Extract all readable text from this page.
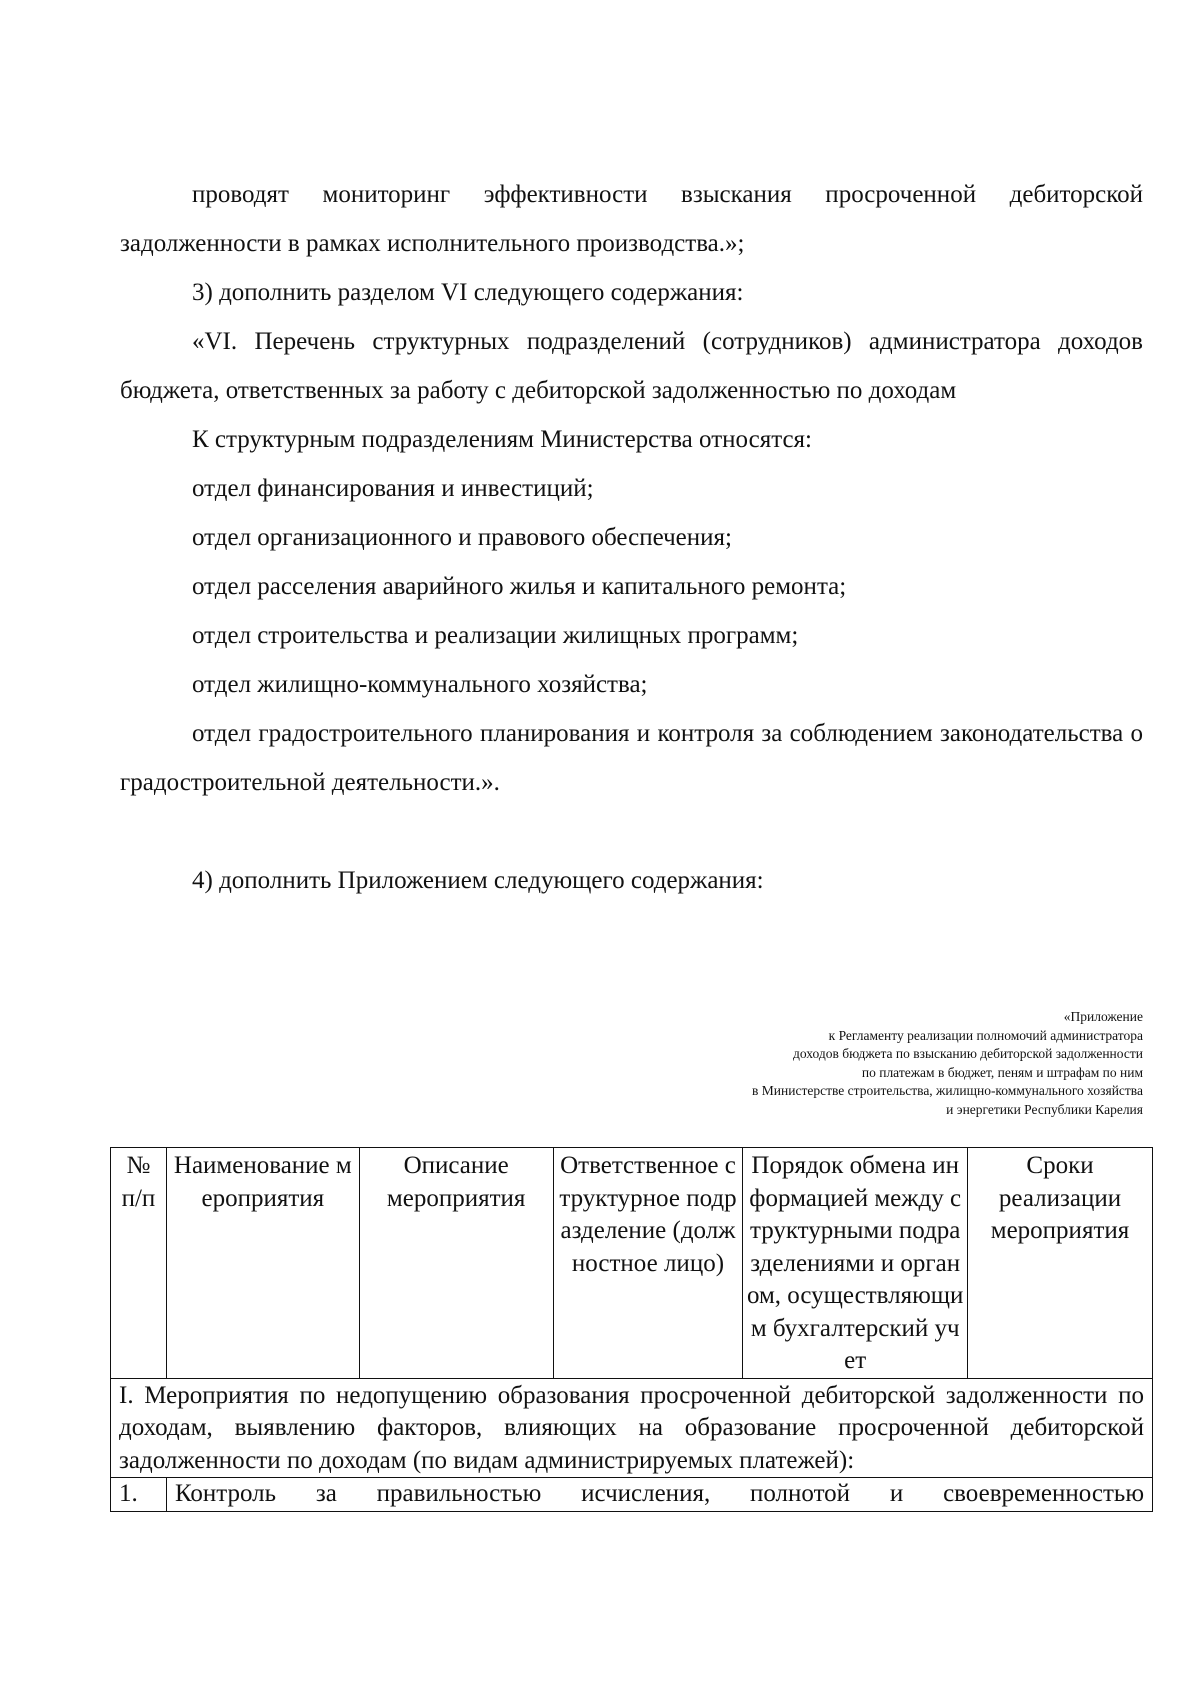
проводят мониторинг эффективности взыскания просроченной дебиторской задолженности в рамках исполнительного производства.»;

3) дополнить разделом VI следующего содержания:

«VI. Перечень структурных подразделений (сотрудников) администратора доходов бюджета, ответственных за работу с дебиторской задолженностью по доходам

К структурным подразделениям Министерства относятся:

отдел финансирования и инвестиций;

отдел организационного и правового обеспечения;

отдел расселения аварийного жилья и капитального ремонта;

отдел строительства и реализации жилищных программ;

отдел жилищно-коммунального хозяйства;

отдел градостроительного планирования и контроля за соблюдением законодательства о градостроительной деятельности.».

4) дополнить Приложением следующего содержания:

«Приложение
к Регламенту реализации полномочий администратора
доходов бюджета по взысканию дебиторской задолженности
по платежам в бюджет, пеням и штрафам по ним
в Министерстве строительства, жилищно-коммунального хозяйства
и энергетики Республики Карелия
№ п/п	Наименование мероприятия	Описание мероприятия	Ответственное структурное подразделение (должностное лицо)	Порядок обмена информацией между структурными подразделениями и органом, осуществляющим бухгалтерский учет	Сроки реализации мероприятия
I. Мероприятия по недопущению образования просроченной дебиторской задолженности по доходам, выявлению факторов, влияющих на образование просроченной дебиторской задолженности по доходам (по видам администрируемых платежей):					
1.	Контроль за правильностью исчисления, полнотой и своевременностью				
